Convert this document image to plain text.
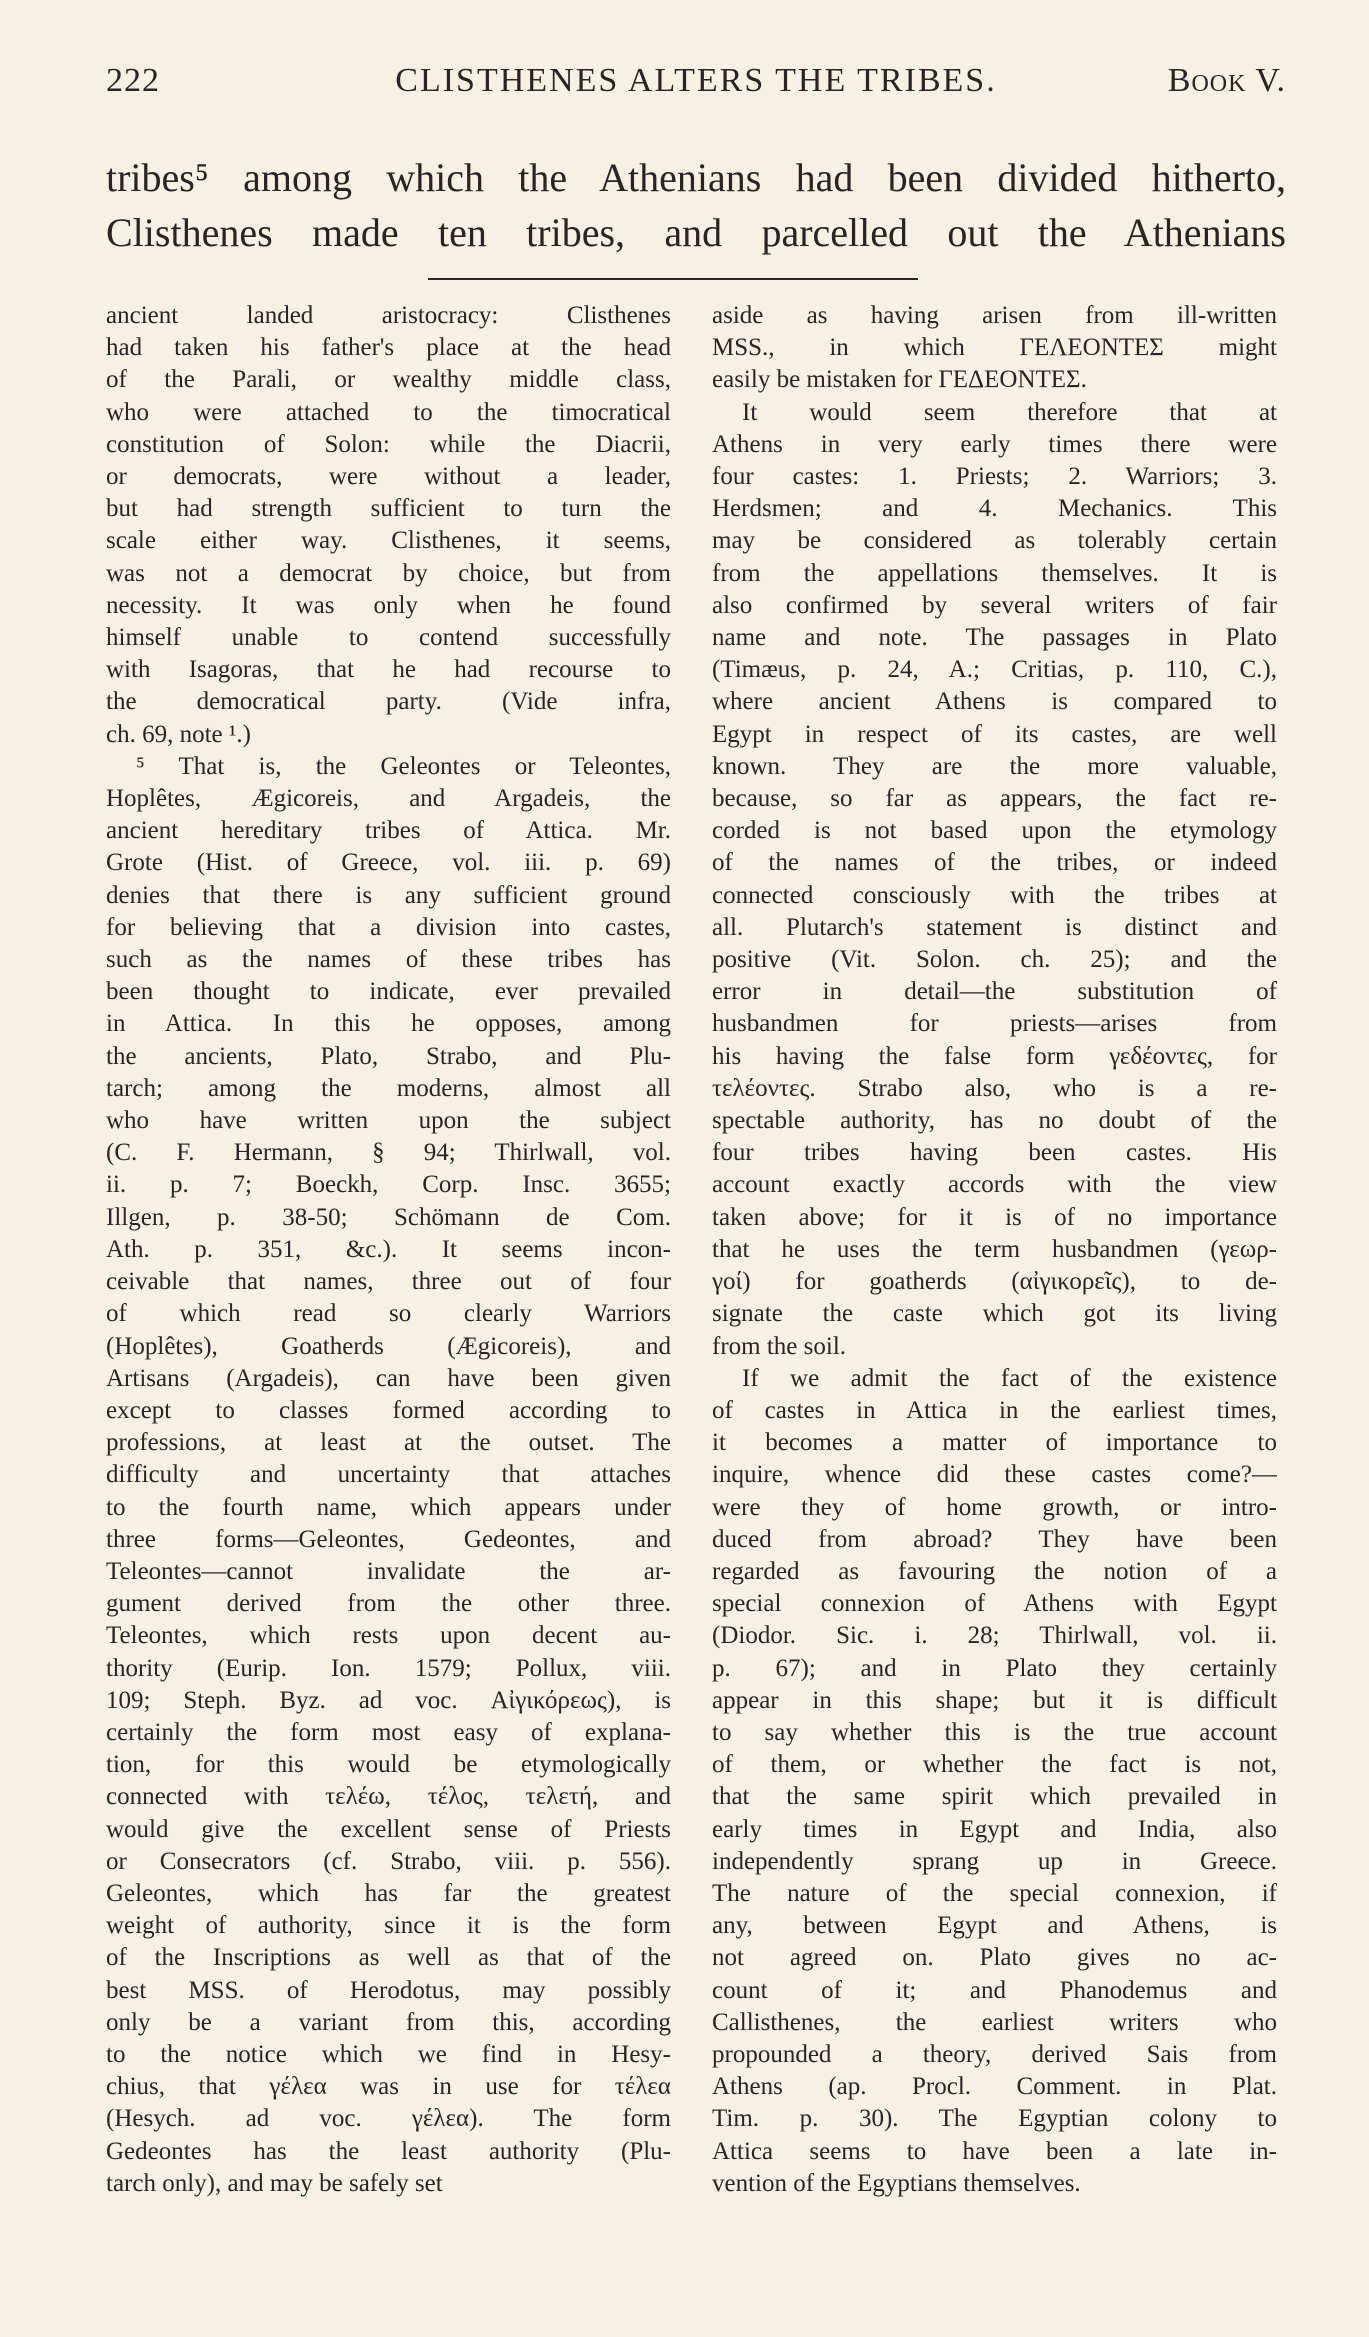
222	CLISTHENES ALTERS THE TRIBES.	Book V.
tribes⁵ among which the Athenians had been divided hitherto,
Clisthenes made ten tribes, and parcelled out the Athenians
ancient landed aristocracy: Clisthenes
had taken his father's place at the head
of the Parali, or wealthy middle class,
who were attached to the timocratical
constitution of Solon: while the Diacrii,
or democrats, were without a leader,
but had strength sufficient to turn the
scale either way. Clisthenes, it seems,
was not a democrat by choice, but from
necessity. It was only when he found
himself unable to contend successfully
with Isagoras, that he had recourse to
the democratical party. (Vide infra,
ch. 69, note ¹.)
⁵ That is, the Geleontes or Teleontes,
Hoplêtes, Ægicoreis, and Argadeis, the
ancient hereditary tribes of Attica. Mr.
Grote (Hist. of Greece, vol. iii. p. 69)
denies that there is any sufficient ground
for believing that a division into castes,
such as the names of these tribes has
been thought to indicate, ever prevailed
in Attica. In this he opposes, among
the ancients, Plato, Strabo, and Plu-
tarch; among the moderns, almost all
who have written upon the subject
(C. F. Hermann, § 94; Thirlwall, vol.
ii. p. 7; Boeckh, Corp. Insc. 3655;
Illgen, p. 38-50; Schömann de Com.
Ath. p. 351, &c.). It seems incon-
ceivable that names, three out of four
of which read so clearly Warriors
(Hoplêtes), Goatherds (Ægicoreis), and
Artisans (Argadeis), can have been given
except to classes formed according to
professions, at least at the outset. The
difficulty and uncertainty that attaches
to the fourth name, which appears under
three forms—Geleontes, Gedeontes, and
Teleontes—cannot invalidate the ar-
gument derived from the other three.
Teleontes, which rests upon decent au-
thority (Eurip. Ion. 1579; Pollux, viii.
109; Steph. Byz. ad voc. Αἰγικόρεως), is
certainly the form most easy of explana-
tion, for this would be etymologically
connected with τελέω, τέλος, τελετή, and
would give the excellent sense of Priests
or Consecrators (cf. Strabo, viii. p. 556).
Geleontes, which has far the greatest
weight of authority, since it is the form
of the Inscriptions as well as that of the
best MSS. of Herodotus, may possibly
only be a variant from this, according
to the notice which we find in Hesy-
chius, that γέλεα was in use for τέλεα
(Hesych. ad voc. γέλεα). The form
Gedeontes has the least authority (Plu-
tarch only), and may be safely set
aside as having arisen from ill-written
MSS., in which ΓΕΛΕΟΝΤΕΣ might
easily be mistaken for ΓΕΔΕΟΝΤΕΣ.
It would seem therefore that at
Athens in very early times there were
four castes: 1. Priests; 2. Warriors; 3.
Herdsmen; and 4. Mechanics. This
may be considered as tolerably certain
from the appellations themselves. It is
also confirmed by several writers of fair
name and note. The passages in Plato
(Timæus, p. 24, A.; Critias, p. 110, C.),
where ancient Athens is compared to
Egypt in respect of its castes, are well
known. They are the more valuable,
because, so far as appears, the fact re-
corded is not based upon the etymology
of the names of the tribes, or indeed
connected consciously with the tribes at
all. Plutarch's statement is distinct and
positive (Vit. Solon. ch. 25); and the
error in detail—the substitution of
husbandmen for priests—arises from
his having the false form γεδέοντες, for
τελέοντες. Strabo also, who is a re-
spectable authority, has no doubt of the
four tribes having been castes. His
account exactly accords with the view
taken above; for it is of no importance
that he uses the term husbandmen (γεωρ-
γοί) for goatherds (αἰγικορεῖς), to de-
signate the caste which got its living
from the soil.
If we admit the fact of the existence
of castes in Attica in the earliest times,
it becomes a matter of importance to
inquire, whence did these castes come?—
were they of home growth, or intro-
duced from abroad? They have been
regarded as favouring the notion of a
special connexion of Athens with Egypt
(Diodor. Sic. i. 28; Thirlwall, vol. ii.
p. 67); and in Plato they certainly
appear in this shape; but it is difficult
to say whether this is the true account
of them, or whether the fact is not,
that the same spirit which prevailed in
early times in Egypt and India, also
independently sprang up in Greece.
The nature of the special connexion, if
any, between Egypt and Athens, is
not agreed on. Plato gives no ac-
count of it; and Phanodemus and
Callisthenes, the earliest writers who
propounded a theory, derived Sais from
Athens (ap. Procl. Comment. in Plat.
Tim. p. 30). The Egyptian colony to
Attica seems to have been a late in-
vention of the Egyptians themselves.
